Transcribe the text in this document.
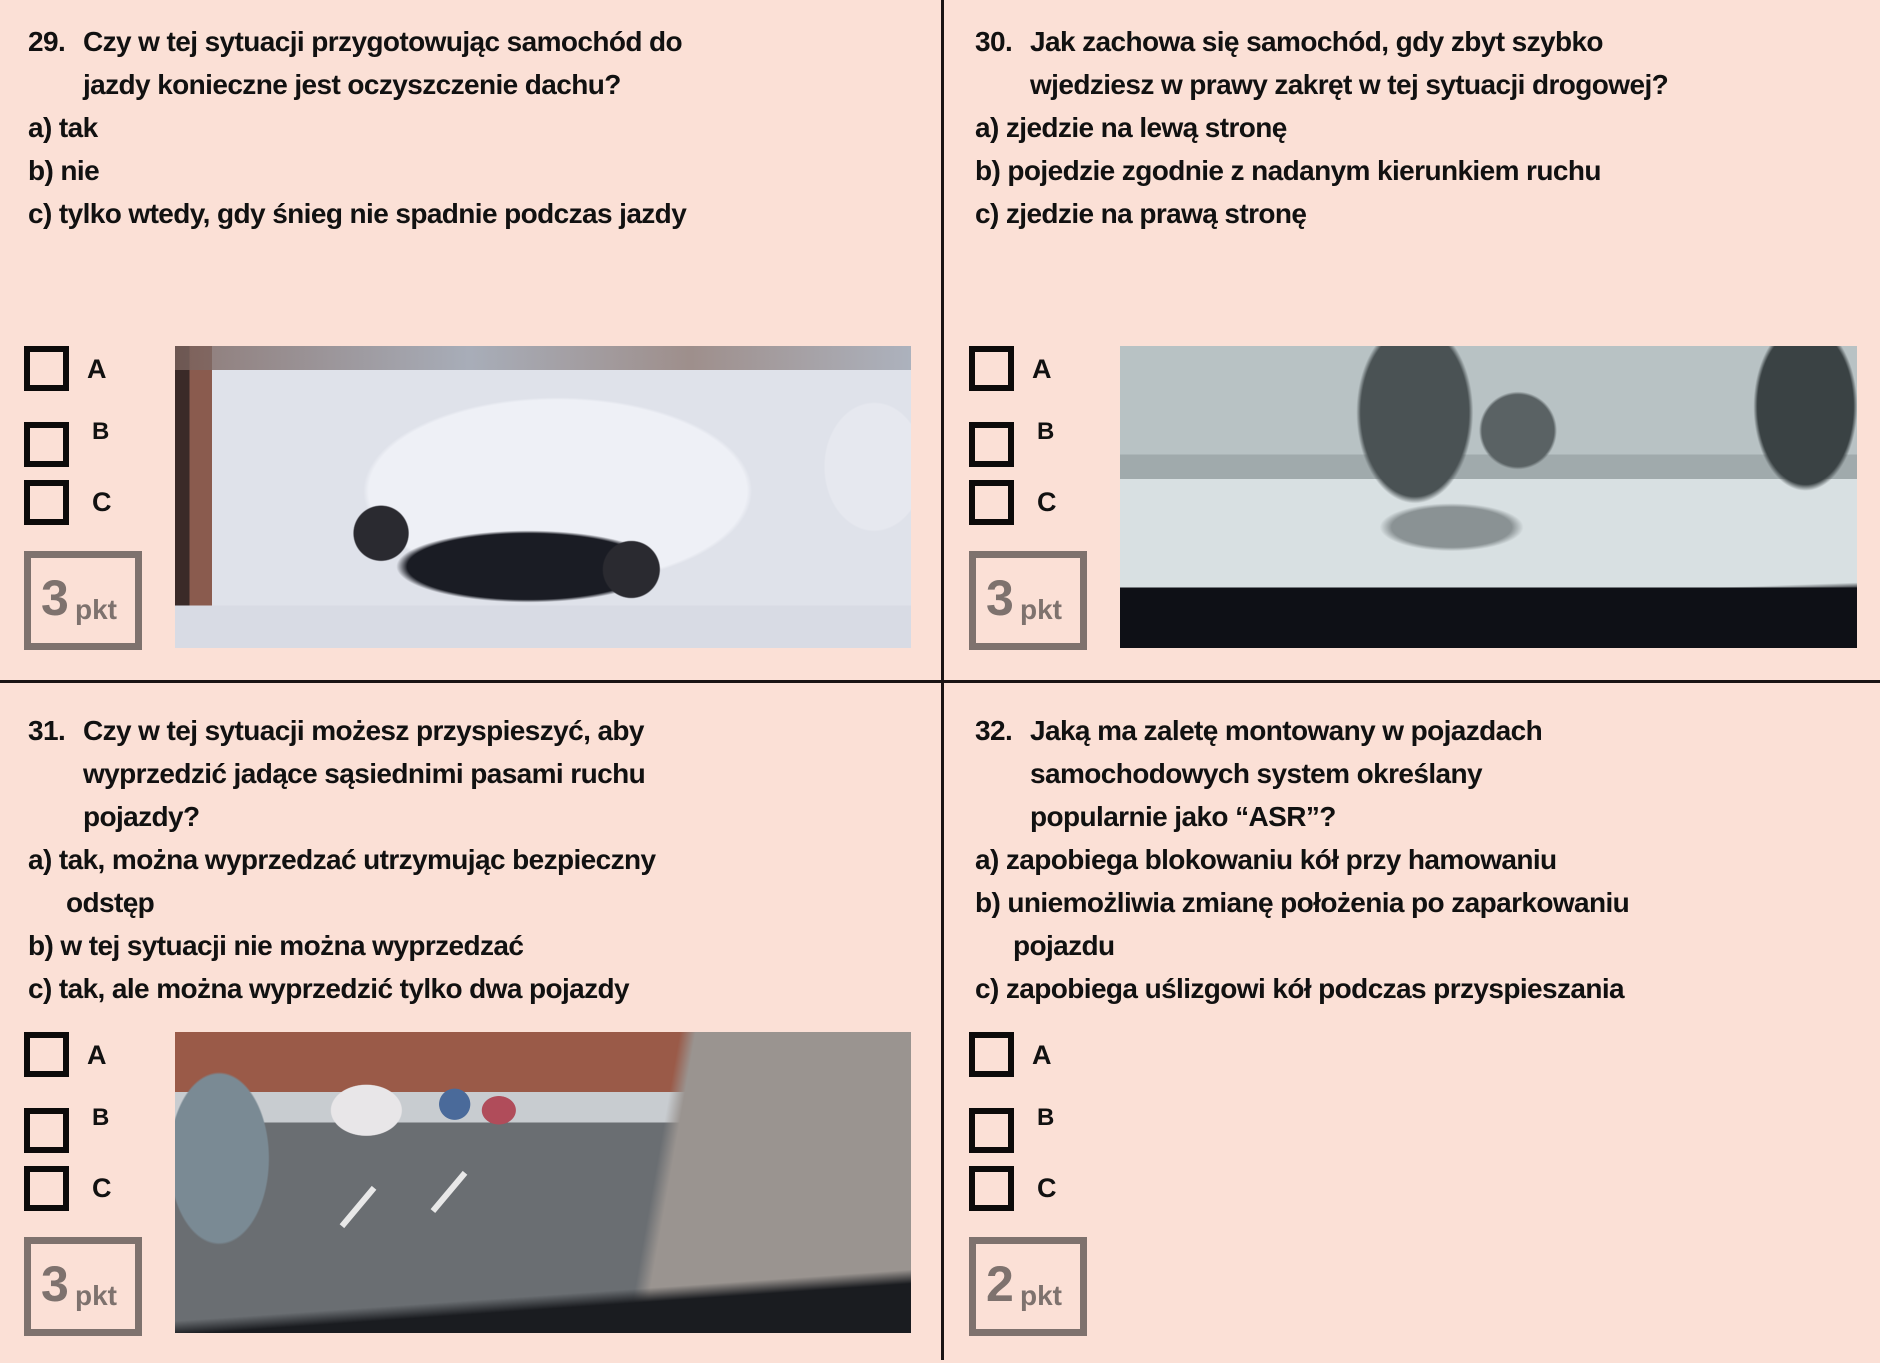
29. Czy w tej sytuacji przygotowując samochód do
jazdy konieczne jest oczyszczenie dachu?
a) tak
b) nie
c) tylko wtedy, gdy śnieg nie spadnie podczas jazdy
A
B
C
3 pkt
30. Jak zachowa się samochód, gdy zbyt szybko
wjedziesz w prawy zakręt w tej sytuacji drogowej?
a) zjedzie na lewą stronę
b) pojedzie zgodnie z nadanym kierunkiem ruchu
c) zjedzie na prawą stronę
A
B
C
3 pkt
31. Czy w tej sytuacji możesz przyspieszyć, aby
wyprzedzić jadące sąsiednimi pasami ruchu
pojazdy?
a) tak, można wyprzedzać utrzymując bezpieczny
odstęp
b) w tej sytuacji nie można wyprzedzać
c) tak, ale można wyprzedzić tylko dwa pojazdy
A
B
C
3 pkt
32. Jaką ma zaletę montowany w pojazdach
samochodowych system określany
popularnie jako “ASR”?
a) zapobiega blokowaniu kół przy hamowaniu
b) uniemożliwia zmianę położenia po zaparkowaniu
pojazdu
c) zapobiega uślizgowi kół podczas przyspieszania
A
B
C
2 pkt
